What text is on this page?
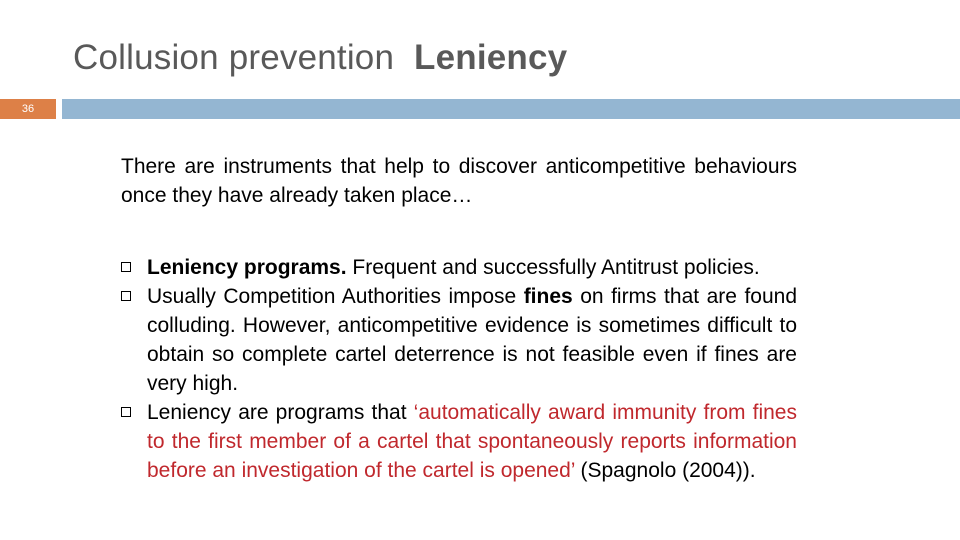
Collusion prevention Leniency
36
There are instruments that help to discover anticompetitive behaviours once they have already taken place…
Leniency programs. Frequent and successfully Antitrust policies.
Usually Competition Authorities impose fines on firms that are found colluding. However, anticompetitive evidence is sometimes difficult to obtain so complete cartel deterrence is not feasible even if fines are very high.
Leniency are programs that ‘automatically award immunity from fines to the first member of a cartel that spontaneously reports information before an investigation of the cartel is opened’ (Spagnolo (2004)).
